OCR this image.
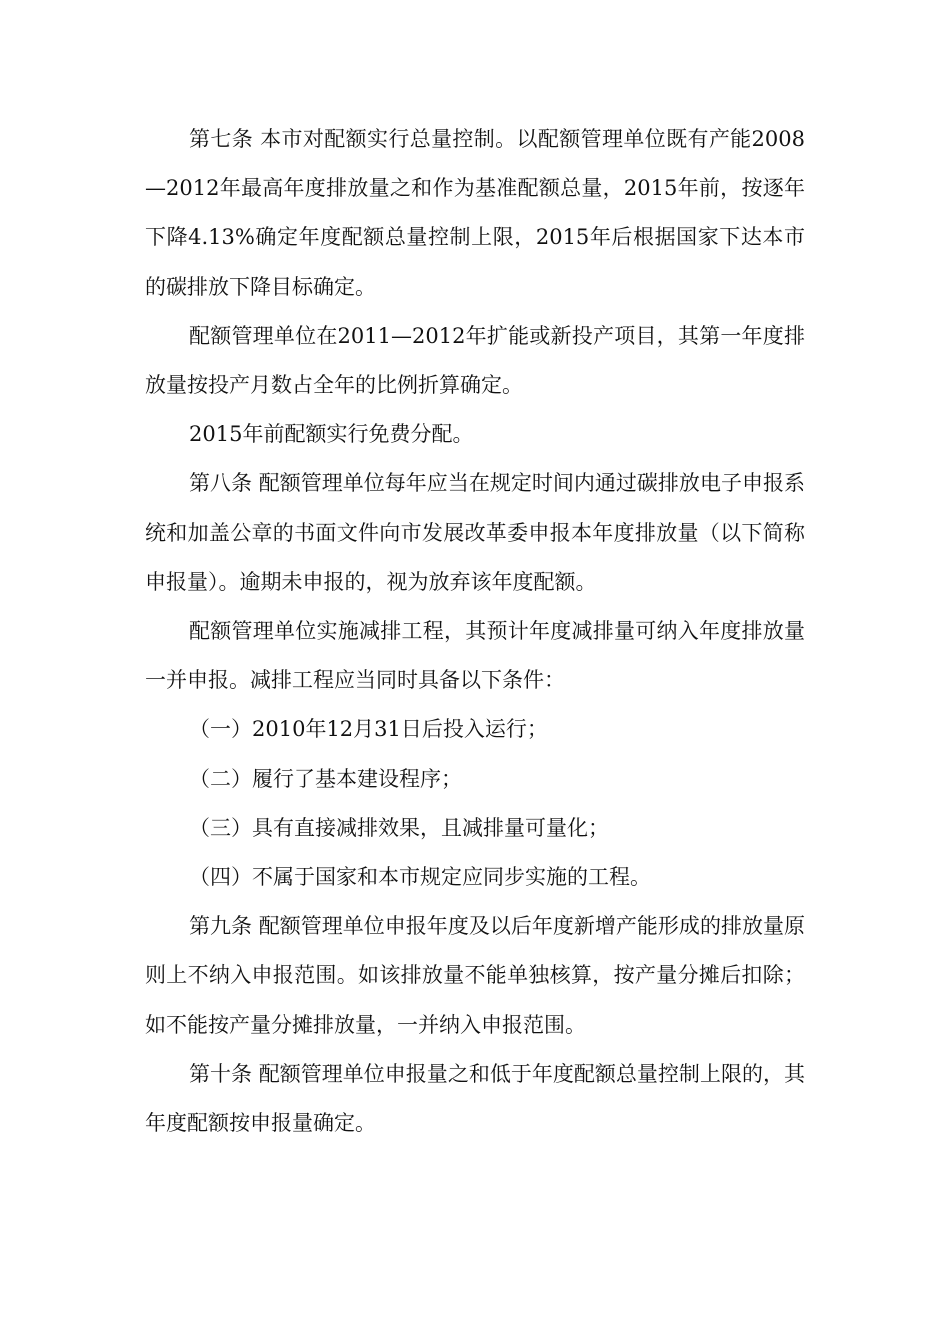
第七条 本市对配额实行总量控制。以配额管理单位既有产能2008—2012年最高年度排放量之和作为基准配额总量，2015年前，按逐年下降4.13%确定年度配额总量控制上限，2015年后根据国家下达本市的碳排放下降目标确定。

配额管理单位在2011—2012年扩能或新投产项目，其第一年度排放量按投产月数占全年的比例折算确定。

2015年前配额实行免费分配。

第八条 配额管理单位每年应当在规定时间内通过碳排放电子申报系统和加盖公章的书面文件向市发展改革委申报本年度排放量（以下简称申报量）。逾期未申报的，视为放弃该年度配额。

配额管理单位实施减排工程，其预计年度减排量可纳入年度排放量一并申报。减排工程应当同时具备以下条件：

（一）2010年12月31日后投入运行；

（二）履行了基本建设程序；

（三）具有直接减排效果，且减排量可量化；

（四）不属于国家和本市规定应同步实施的工程。

第九条 配额管理单位申报年度及以后年度新增产能形成的排放量原则上不纳入申报范围。如该排放量不能单独核算，按产量分摊后扣除；如不能按产量分摊排放量，一并纳入申报范围。

第十条 配额管理单位申报量之和低于年度配额总量控制上限的，其年度配额按申报量确定。
